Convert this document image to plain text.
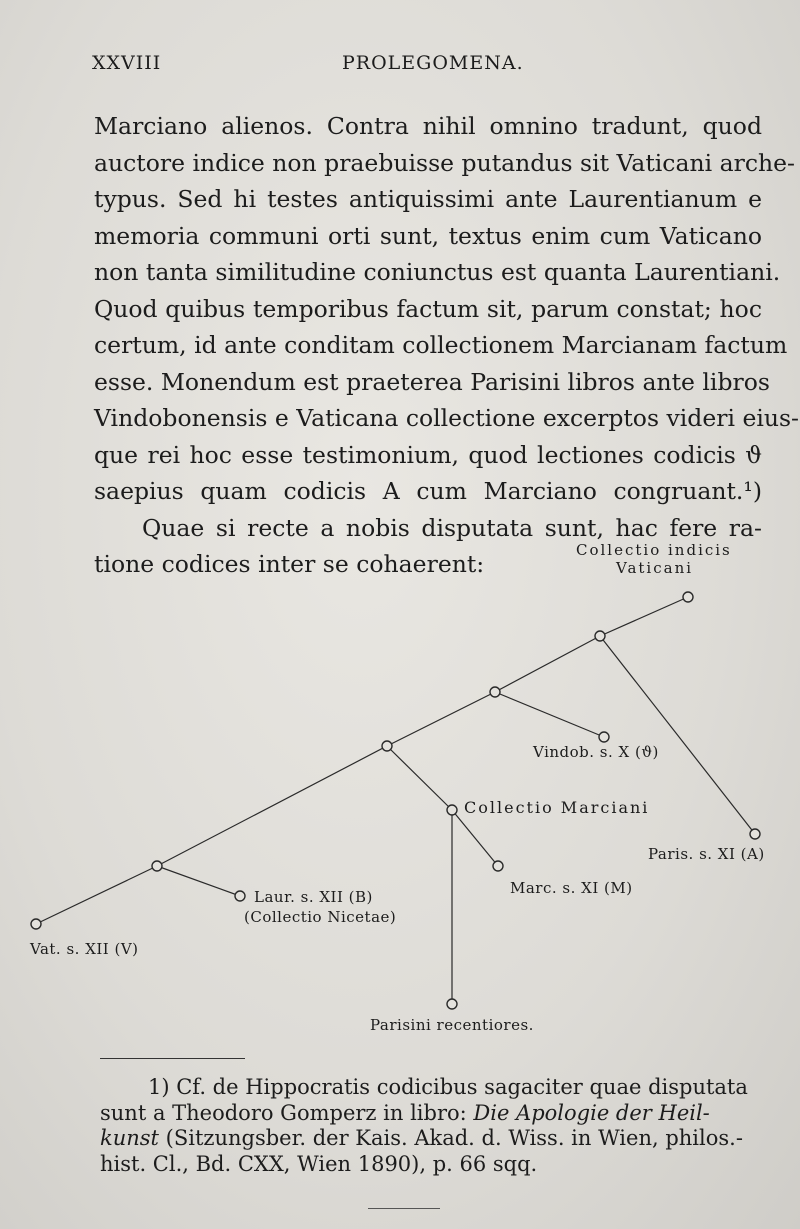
XXVIII	PROLEGOMENA.
Marciano alienos. Contra nihil omnino tradunt, quod
auctore indice non praebuisse putandus sit Vaticani arche-
typus. Sed hi testes antiquissimi ante Laurentianum e
memoria communi orti sunt, textus enim cum Vaticano
non tanta similitudine coniunctus est quanta Laurentiani.
Quod quibus temporibus factum sit, parum constat; hoc
certum, id ante conditam collectionem Marcianam factum
esse. Monendum est praeterea Parisini libros ante libros
Vindobonensis e Vaticana collectione excerptos videri eius-
que rei hoc esse testimonium, quod lectiones codicis ϑ
saepius quam codicis A cum Marciano congruant.¹)
Quae si recte a nobis disputata sunt, hac fere ra-
tione codices inter se cohaerent:	Collectio indicis
Vaticani
Vindob. s. X (ϑ)
Collectio Marciani
Paris. s. XI (A)
Marc. s. XI (M)
Laur. s. XII (B)
(Collectio Nicetae)
Vat. s. XII (V)
Parisini recentiores.
1) Cf. de Hippocratis codicibus sagaciter quae disputata
sunt a Theodoro Gomperz in libro: Die Apologie der Heil-
kunst (Sitzungsber. der Kais. Akad. d. Wiss. in Wien, philos.-
hist. Cl., Bd. CXX, Wien 1890), p. 66 sqq.
